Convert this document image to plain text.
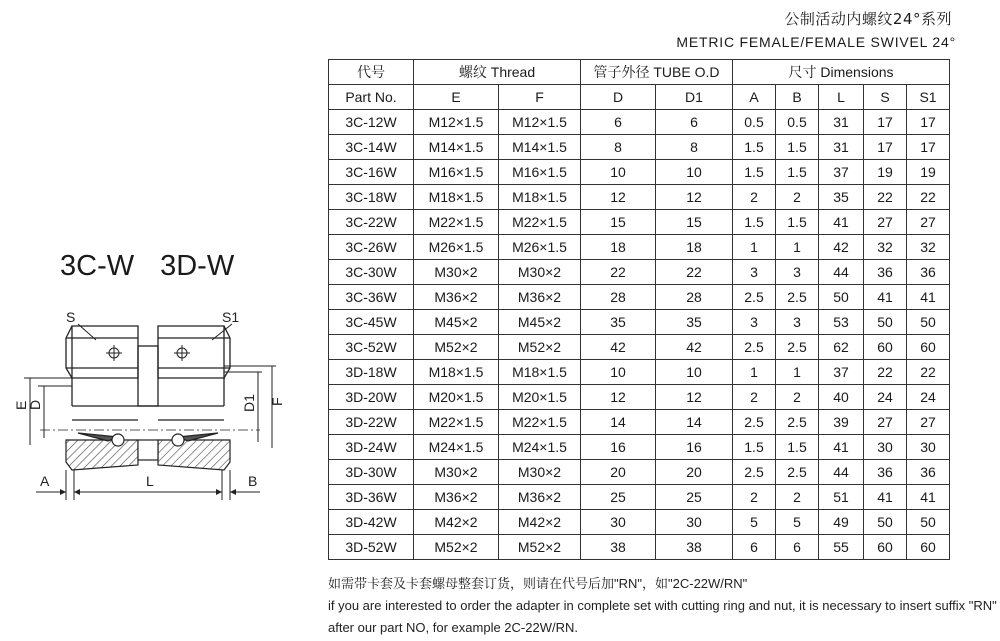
公制活动内螺纹24°系列
METRIC FEMALE/FEMALE SWIVEL 24°
3C-W 3D-W
S	S1
E
D	D1 F
A	L	B
代号	螺纹 Thread		管子外径 TUBE O.D		尺寸 Dimensions				
Part No.	E	F	D	D1	A	B	L	S	S1
3C-12W	M12×1.5	M12×1.5	6	6	0.5	0.5	31	17	17
3C-14W	M14×1.5	M14×1.5	8	8	1.5	1.5	31	17	17
3C-16W	M16×1.5	M16×1.5	10	10	1.5	1.5	37	19	19
3C-18W	M18×1.5	M18×1.5	12	12	2	2	35	22	22
3C-22W	M22×1.5	M22×1.5	15	15	1.5	1.5	41	27	27
3C-26W	M26×1.5	M26×1.5	18	18	1	1	42	32	32
3C-30W	M30×2	M30×2	22	22	3	3	44	36	36
3C-36W	M36×2	M36×2	28	28	2.5	2.5	50	41	41
3C-45W	M45×2	M45×2	35	35	3	3	53	50	50
3C-52W	M52×2	M52×2	42	42	2.5	2.5	62	60	60
3D-18W	M18×1.5	M18×1.5	10	10	1	1	37	22	22
3D-20W	M20×1.5	M20×1.5	12	12	2	2	40	24	24
3D-22W	M22×1.5	M22×1.5	14	14	2.5	2.5	39	27	27
3D-24W	M24×1.5	M24×1.5	16	16	1.5	1.5	41	30	30
3D-30W	M30×2	M30×2	20	20	2.5	2.5	44	36	36
3D-36W	M36×2	M36×2	25	25	2	2	51	41	41
3D-42W	M42×2	M42×2	30	30	5	5	49	50	50
3D-52W	M52×2	M52×2	38	38	6	6	55	60	60
如需带卡套及卡套螺母整套订货，则请在代号后加"RN"，如"2C-22W/RN"
if you are interested to order the adapter in complete set with cutting ring and nut, it is necessary to insert suffix "RN"
after our part NO, for example 2C-22W/RN.
